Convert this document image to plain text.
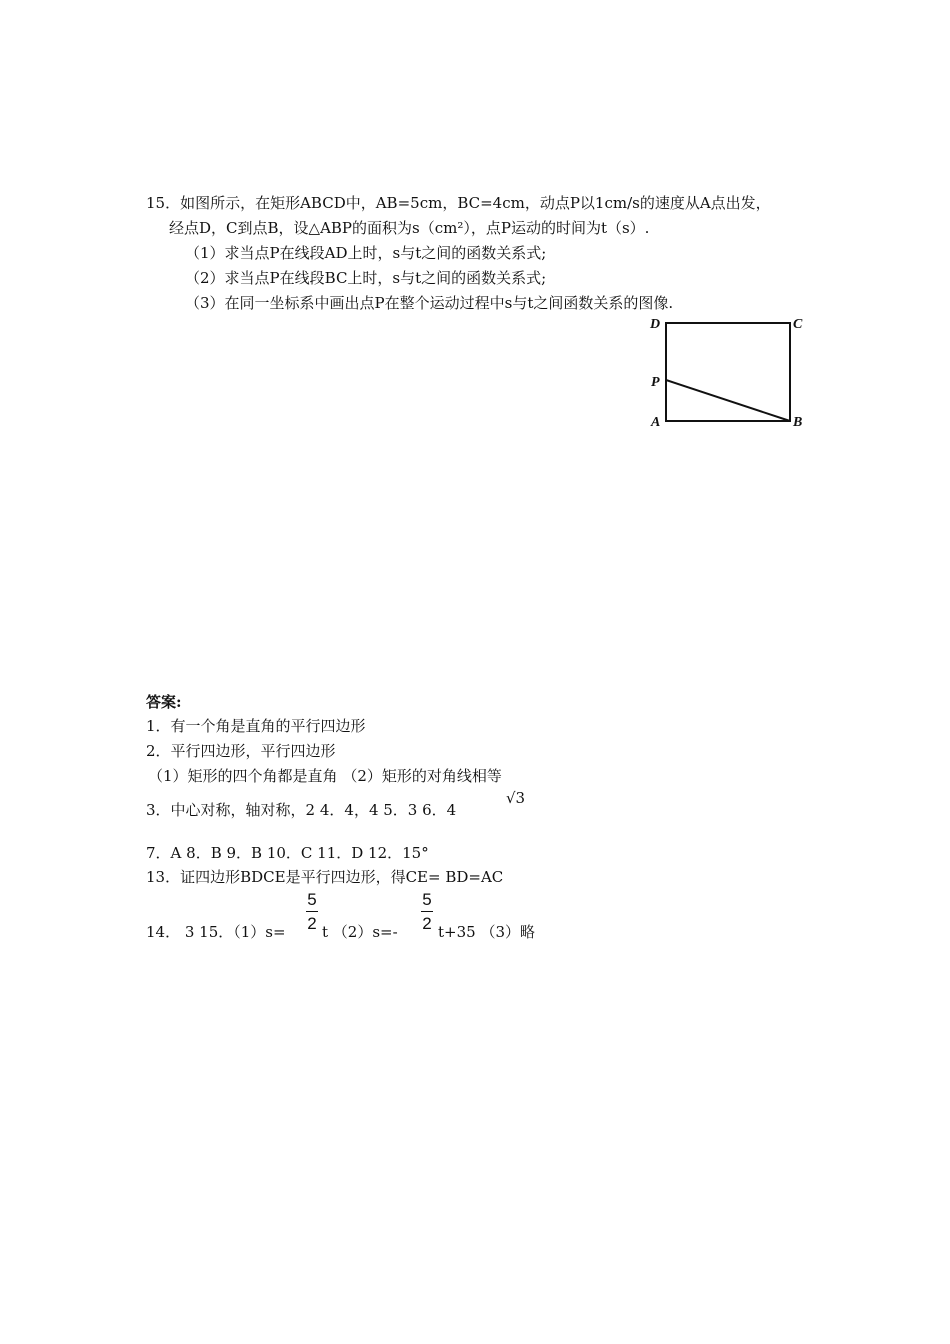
15．如图所示，在矩形ABCD中，AB=5cm，BC=4cm，动点P以1cm/s的速度从A点出发，
经点D，C到点B，设△ABP的面积为s（cm²），点P运动的时间为t（s）.
（1）求当点P在线段AD上时，s与t之间的函数关系式;
（2）求当点P在线段BC上时，s与t之间的函数关系式;
（3）在同一坐标系中画出点P在整个运动过程中s与t之间函数关系的图像.
D	C
P
A	B
答案:
1．有一个角是直角的平行四边形
2．平行四边形，平行四边形
（1）矩形的四个角都是直角 （2）矩形的对角线相等
3．中心对称，轴对称，2 4．4，4 5．3 6．4
√3
7．A 8．B 9．B 10．C 11．D 12．15°
13．证四边形BDCE是平行四边形，得CE= BD=AC
14． 3 15．（1）s=
5
2 t （2）s=-
5
2 t+35 （3）略
